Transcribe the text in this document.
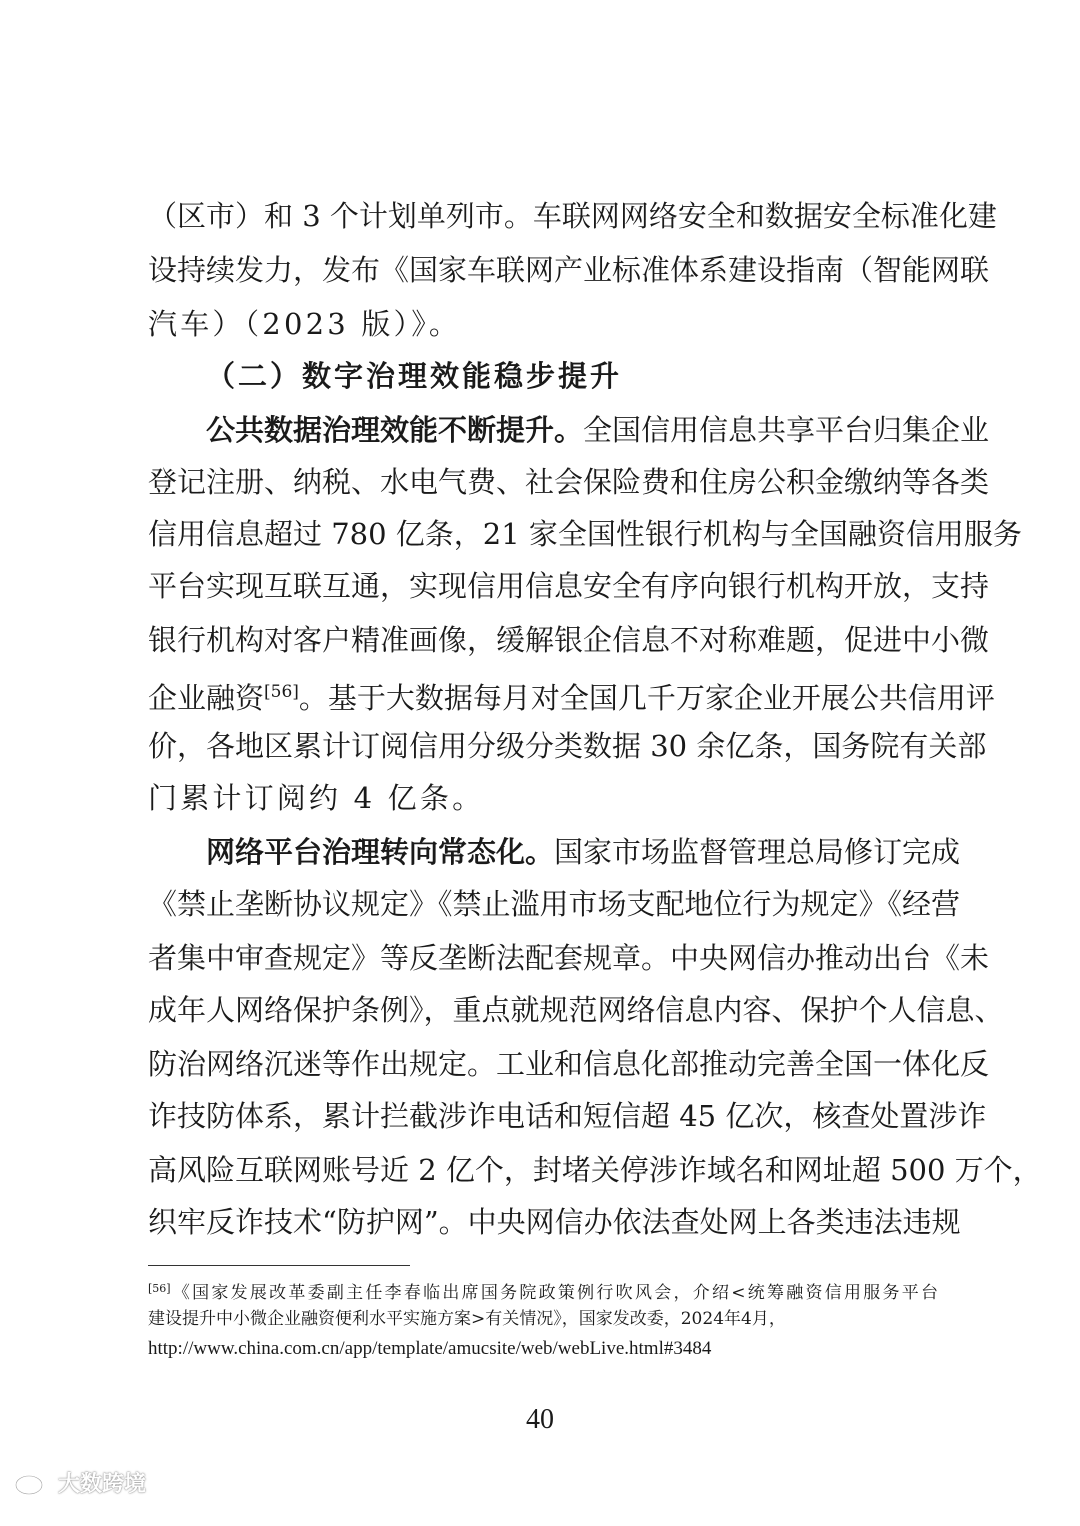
（区市）和 3 个计划单列市。车联网网络安全和数据安全标准化建
设持续发力，发布《国家车联网产业标准体系建设指南（智能网联
汽车）（2023 版）》。
（二）数字治理效能稳步提升
公共数据治理效能不断提升。全国信用信息共享平台归集企业
登记注册、纳税、水电气费、社会保险费和住房公积金缴纳等各类
信用信息超过 780 亿条，21 家全国性银行机构与全国融资信用服务
平台实现互联互通，实现信用信息安全有序向银行机构开放，支持
银行机构对客户精准画像，缓解银企信息不对称难题，促进中小微
企业融资[56]。基于大数据每月对全国几千万家企业开展公共信用评
价，各地区累计订阅信用分级分类数据 30 余亿条，国务院有关部
门累计订阅约 4 亿条。
网络平台治理转向常态化。国家市场监督管理总局修订完成
《禁止垄断协议规定》《禁止滥用市场支配地位行为规定》《经营
者集中审查规定》等反垄断法配套规章。中央网信办推动出台《未
成年人网络保护条例》，重点就规范网络信息内容、保护个人信息、
防治网络沉迷等作出规定。工业和信息化部推动完善全国一体化反
诈技防体系，累计拦截涉诈电话和短信超 45 亿次，核查处置涉诈
高风险互联网账号近 2 亿个，封堵关停涉诈域名和网址超 500 万个，
织牢反诈技术“防护网”。中央网信办依法查处网上各类违法违规
[56]《国家发展改革委副主任李春临出席国务院政策例行吹风会，介绍<统筹融资信用服务平台
建设提升中小微企业融资便利水平实施方案>有关情况》，国家发改委，2024年4月，
http://www.china.com.cn/app/template/amucsite/web/webLive.html#3484
40
大数跨境
